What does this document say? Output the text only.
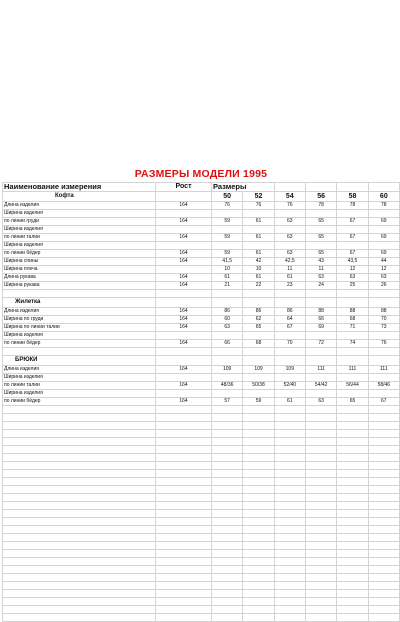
РАЗМЕРЫ МОДЕЛИ 1995
Наименование измерения	Рост	Размеры					
Кофта		50	52	54	56	58	60
Длина изделия	164	76	76	76	78	78	78
Ширина изделия							
по линии груди	164	59	61	63	65	67	69
Ширина изделия							
по линии талии	164	59	61	63	65	67	69
Ширина изделия							
по линии бёдер	164	59	61	63	65	67	69
Ширина спины	164	41,5	42	42,5	43	43,5	44
Ширина плеча		10	10	11	11	12	12
Длина рукава	164	61	61	61	63	63	63
Ширина рукава	164	21	22	23	24	25	26

Жилетка							
Длина изделия	164	86	86	86	88	88	88
Ширина по груди	164	60	62	64	66	68	70
Ширина по линии талии	164	63	65	67	69	71	73
Ширина изделия							
по линии бёдер	164	66	68	70	72	74	76

БРЮКИ							
Длина изделия	164	109	109	109	111	111	111
Ширина изделия							
по линии талии	164	48/36	50/38	52/40	54/42	56/44	58/46
Ширина изделия							
по линии бёдер	164	57	59	61	63	65	67
